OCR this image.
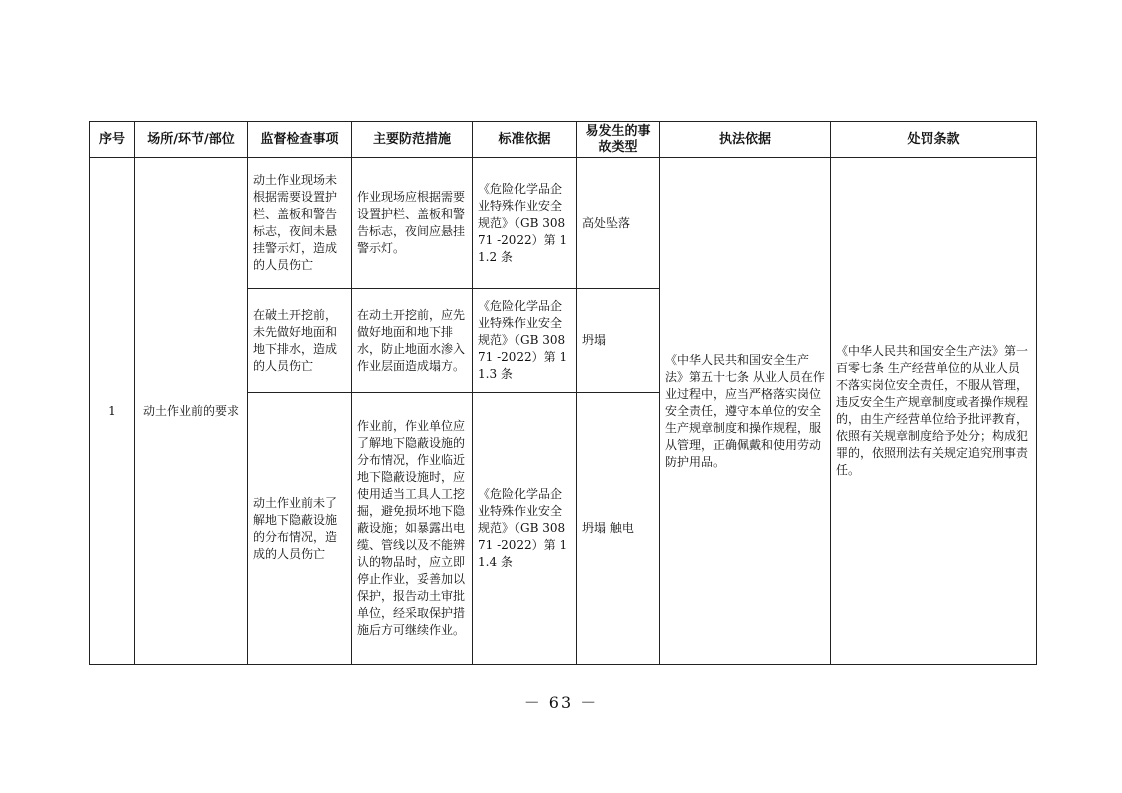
序号	场所/环节/部位	监督检查事项	主要防范措施	标准依据	易发生的事故类型	执法依据	处罚条款
1	动土作业前的要求	动土作业现场未根据需要设置护栏、盖板和警告标志，夜间未悬挂警示灯，造成的人员伤亡	作业现场应根据需要设置护栏、盖板和警告标志，夜间应悬挂警示灯。	《危险化学品企业特殊作业安全规范》（GB 30871 -2022）第 11.2 条	高处坠落	《中华人民共和国安全生产法》第五十七条 从业人员在作业过程中，应当严格落实岗位安全责任，遵守本单位的安全生产规章制度和操作规程，服从管理，正确佩戴和使用劳动防护用品。	《中华人民共和国安全生产法》第一百零七条 生产经营单位的从业人员不落实岗位安全责任，不服从管理，违反安全生产规章制度或者操作规程的，由生产经营单位给予批评教育，依照有关规章制度给予处分；构成犯罪的，依照刑法有关规定追究刑事责任。
		在破土开挖前，未先做好地面和地下排水，造成的人员伤亡	在动土开挖前，应先做好地面和地下排水，防止地面水渗入作业层面造成塌方。	《危险化学品企业特殊作业安全规范》（GB 30871 -2022）第 11.3 条	坍塌		
		动土作业前未了解地下隐蔽设施的分布情况，造成的人员伤亡	作业前，作业单位应了解地下隐蔽设施的分布情况，作业临近地下隐蔽设施时，应使用适当工具人工挖掘，避免损坏地下隐蔽设施；如暴露出电缆、管线以及不能辨认的物品时，应立即停止作业，妥善加以保护，报告动土审批单位，经采取保护措施后方可继续作业。	《危险化学品企业特殊作业安全规范》（GB 30871 -2022）第 11.4 条	坍塌 触电		
－ 63 －
